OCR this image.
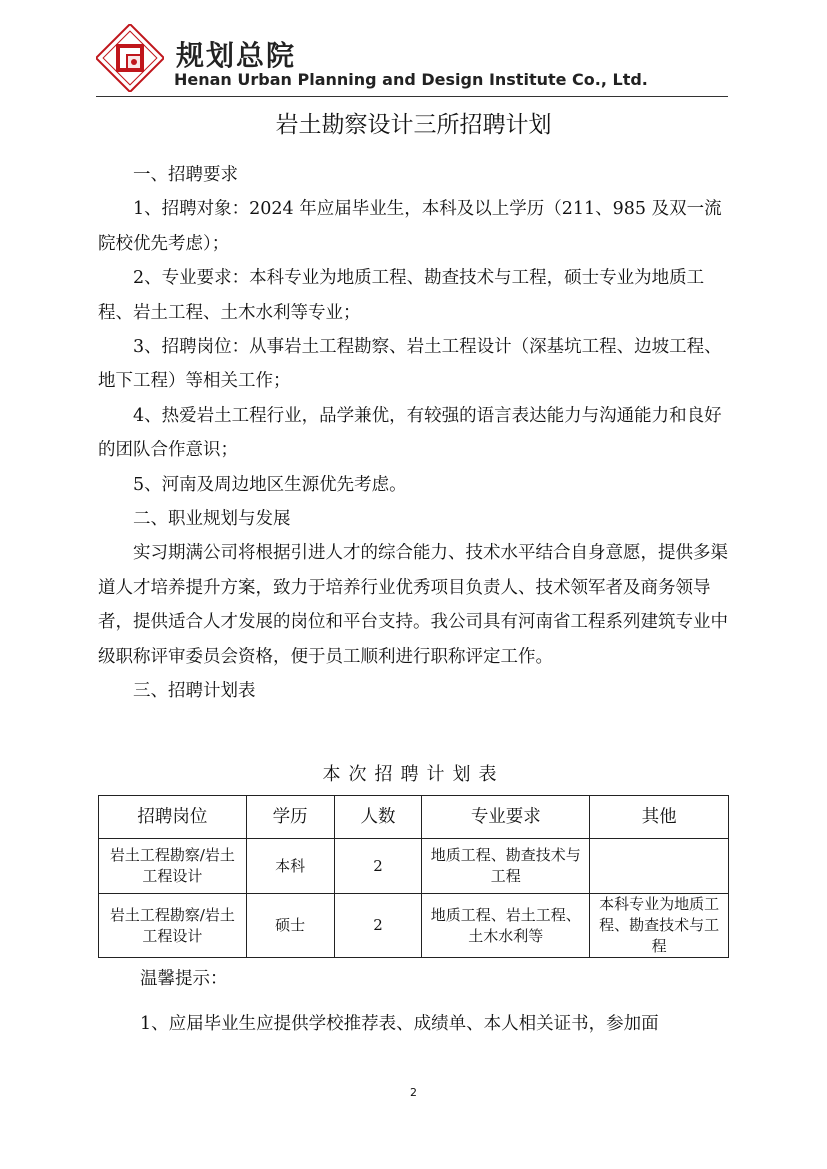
规划总院
Henan Urban Planning and Design Institute Co., Ltd.
岩土勘察设计三所招聘计划

一、招聘要求

1、招聘对象：2024 年应届毕业生，本科及以上学历（211、985 及双一流院校优先考虑）；

2、专业要求：本科专业为地质工程、勘查技术与工程，硕士专业为地质工程、岩土工程、土木水利等专业；

3、招聘岗位：从事岩土工程勘察、岩土工程设计（深基坑工程、边坡工程、地下工程）等相关工作；

4、热爱岩土工程行业，品学兼优，有较强的语言表达能力与沟通能力和良好的团队合作意识；

5、河南及周边地区生源优先考虑。

二、职业规划与发展

实习期满公司将根据引进人才的综合能力、技术水平结合自身意愿，提供多渠道人才培养提升方案，致力于培养行业优秀项目负责人、技术领军者及商务领导者，提供适合人才发展的岗位和平台支持。我公司具有河南省工程系列建筑专业中级职称评审委员会资格，便于员工顺利进行职称评定工作。

三、招聘计划表

本次招聘计划表
招聘岗位	学历	人数	专业要求	其他
岩土工程勘察/岩土工程设计	本科	2	地质工程、勘查技术与工程	
岩土工程勘察/岩土工程设计	硕士	2	地质工程、岩土工程、土木水利等	本科专业为地质工程、勘查技术与工程
温馨提示：
1、应届毕业生应提供学校推荐表、成绩单、本人相关证书，参加面
2
